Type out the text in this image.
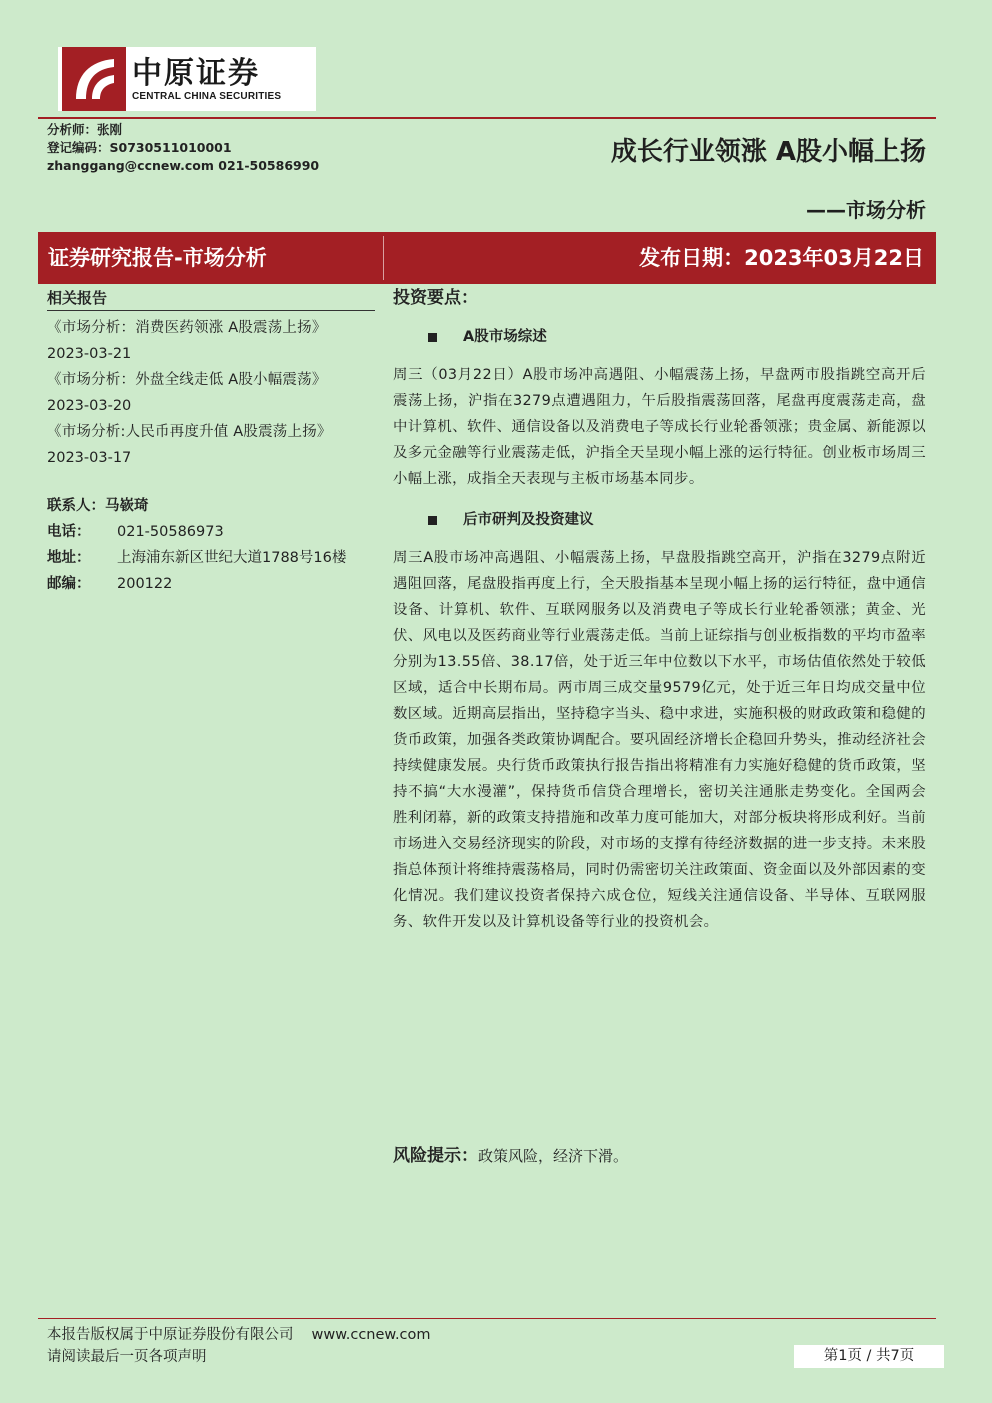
中原证券
CENTRAL CHINA SECURITIES
分析师：张刚
登记编码：S0730511010001
zhanggang@ccnew.com 021-50586990	成长行业领涨 A股小幅上扬
——市场分析
证券研究报告-市场分析	发布日期：2023年03月22日
相关报告
《市场分析：消费医药领涨 A股震荡上扬》
2023-03-21
《市场分析：外盘全线走低 A股小幅震荡》
2023-03-20
《市场分析:人民币再度升值 A股震荡上扬》
2023-03-17
联系人：马嵚琦
电话：	021-50586973
地址：	上海浦东新区世纪大道1788号16楼
邮编：	200122
投资要点：
A股市场综述
周三（03月22日）A股市场冲高遇阻、小幅震荡上扬，早盘两市股指跳空高开后震荡上扬，沪指在3279点遭遇阻力，午后股指震荡回落，尾盘再度震荡走高，盘中计算机、软件、通信设备以及消费电子等成长行业轮番领涨；贵金属、新能源以及多元金融等行业震荡走低，沪指全天呈现小幅上涨的运行特征。创业板市场周三小幅上涨，成指全天表现与主板市场基本同步。
后市研判及投资建议
周三A股市场冲高遇阻、小幅震荡上扬，早盘股指跳空高开，沪指在3279点附近遇阻回落，尾盘股指再度上行，全天股指基本呈现小幅上扬的运行特征，盘中通信设备、计算机、软件、互联网服务以及消费电子等成长行业轮番领涨；黄金、光伏、风电以及医药商业等行业震荡走低。当前上证综指与创业板指数的平均市盈率分别为13.55倍、38.17倍，处于近三年中位数以下水平，市场估值依然处于较低区域，适合中长期布局。两市周三成交量9579亿元，处于近三年日均成交量中位数区域。近期高层指出，坚持稳字当头、稳中求进，实施积极的财政政策和稳健的货币政策，加强各类政策协调配合。要巩固经济增长企稳回升势头，推动经济社会持续健康发展。央行货币政策执行报告指出将精准有力实施好稳健的货币政策，坚持不搞“大水漫灌”，保持货币信贷合理增长，密切关注通胀走势变化。全国两会胜利闭幕，新的政策支持措施和改革力度可能加大，对部分板块将形成利好。当前市场进入交易经济现实的阶段，对市场的支撑有待经济数据的进一步支持。未来股指总体预计将维持震荡格局，同时仍需密切关注政策面、资金面以及外部因素的变化情况。我们建议投资者保持六成仓位，短线关注通信设备、半导体、互联网服务、软件开发以及计算机设备等行业的投资机会。
风险提示：政策风险，经济下滑。
本报告版权属于中原证券股份有限公司 www.ccnew.com
请阅读最后一页各项声明	第1页 / 共7页
